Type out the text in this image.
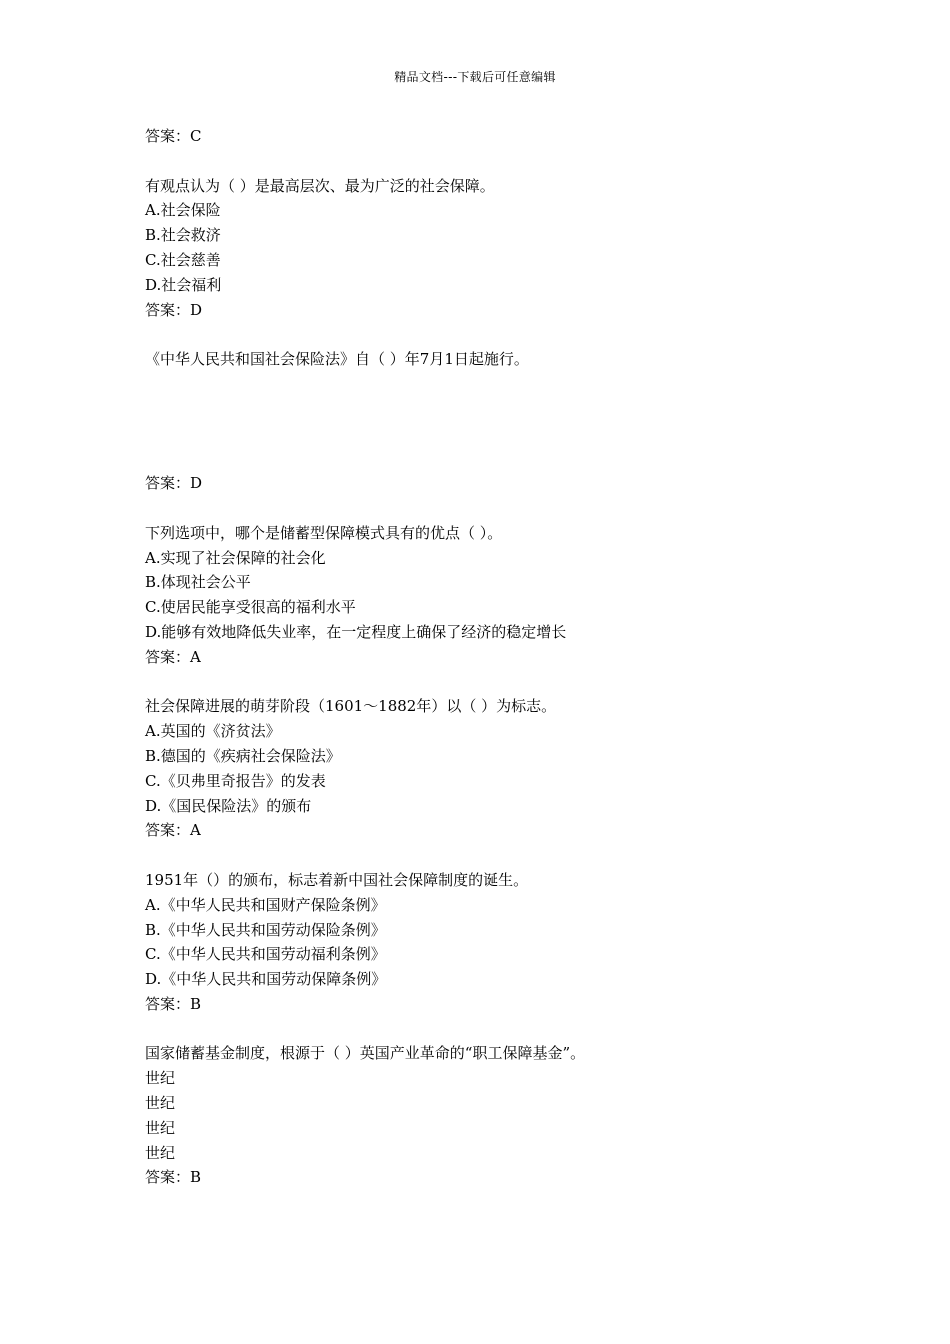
精品文档---下载后可任意编辑
答案：C
有观点认为（ ）是最高层次、最为广泛的社会保障。
A.社会保险
B.社会救济
C.社会慈善
D.社会福利
答案：D
《中华人民共和国社会保险法》自（ ）年7月1日起施行。
答案：D
下列选项中，哪个是储蓄型保障模式具有的优点（ ）。
A.实现了社会保障的社会化
B.体现社会公平
C.使居民能享受很高的福利水平
D.能够有效地降低失业率，在一定程度上确保了经济的稳定增长
答案：A
社会保障进展的萌芽阶段（1601～1882年）以（ ）为标志。
A.英国的《济贫法》
B.德国的《疾病社会保险法》
C.《贝弗里奇报告》的发表
D.《国民保险法》的颁布
答案：A
1951年（）的颁布，标志着新中国社会保障制度的诞生。
A.《中华人民共和国财产保险条例》
B.《中华人民共和国劳动保险条例》
C.《中华人民共和国劳动福利条例》
D.《中华人民共和国劳动保障条例》
答案：B
国家储蓄基金制度，根源于（ ）英国产业革命的“职工保障基金”。
世纪
世纪
世纪
世纪
答案：B
